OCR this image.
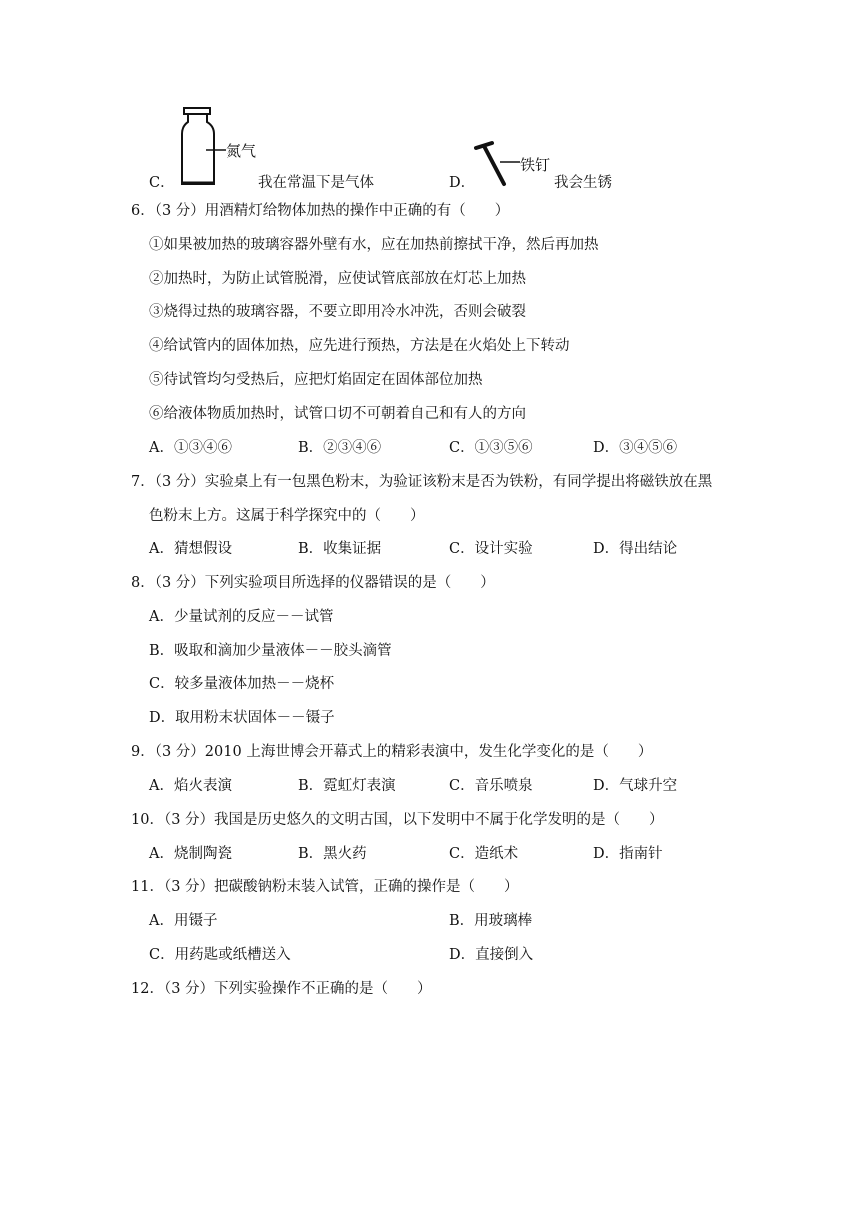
C．
氮气
我在常温下是气体	D．
铁钉
我会生锈
6．（3 分）用酒精灯给物体加热的操作中正确的有（　　）
①如果被加热的玻璃容器外壁有水，应在加热前擦拭干净，然后再加热
②加热时，为防止试管脱滑，应使试管底部放在灯芯上加热
③烧得过热的玻璃容器，不要立即用冷水冲洗，否则会破裂
④给试管内的固体加热，应先进行预热，方法是在火焰处上下转动
⑤待试管均匀受热后，应把灯焰固定在固体部位加热
⑥给液体物质加热时，试管口切不可朝着自己和有人的方向
A．①③④⑥	B．②③④⑥	C．①③⑤⑥	D．③④⑤⑥
7．（3 分）实验桌上有一包黑色粉末，为验证该粉末是否为铁粉，有同学提出将磁铁放在黑
色粉末上方。这属于科学探究中的（　　）
A．猜想假设	B．收集证据	C．设计实验	D．得出结论
8．（3 分）下列实验项目所选择的仪器错误的是（　　）
A．少量试剂的反应－－试管
B．吸取和滴加少量液体－－胶头滴管
C．较多量液体加热－－烧杯
D．取用粉末状固体－－镊子
9．（3 分）2010 上海世博会开幕式上的精彩表演中，发生化学变化的是（　　）
A．焰火表演	B．霓虹灯表演	C．音乐喷泉	D．气球升空
10．（3 分）我国是历史悠久的文明古国，以下发明中不属于化学发明的是（　　）
A．烧制陶瓷	B．黑火药	C．造纸术	D．指南针
11．（3 分）把碳酸钠粉末装入试管，正确的操作是（　　）
A．用镊子	B．用玻璃棒
C．用药匙或纸槽送入	D．直接倒入
12．（3 分）下列实验操作不正确的是（　　）
